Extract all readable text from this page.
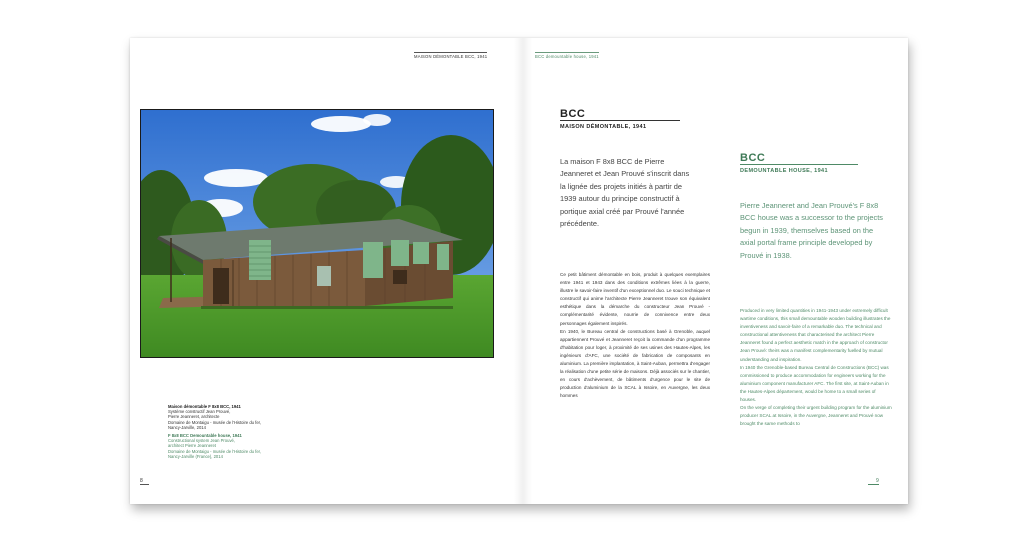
MAISON DÉMONTABLE BCC, 1941	BCC demountable house, 1941

Maison démontable F 8x8 BCC, 1941

Système constructif Jean Prouvé,

Pierre Jeanneret, architecte

Domaine de Montaigu - musée de l'Histoire du fer,

Nancy-Jarville, 2014

F 8x8 BCC Demountable house, 1941

Constructional system Jean Prouvé,

architect Pierre Jeanneret

Domaine de Montaigu - musée de l'Histoire du fer,

Nancy-Jarville (France), 2014

BCC
MAISON DÉMONTABLE, 1941
La maison F 8x8 BCC de Pierre Jeanneret et Jean Prouvé s'inscrit dans la lignée des projets initiés à partir de 1939 autour du principe constructif à portique axial créé par Prouvé l'année précédente.

Ce petit bâtiment démontable en bois, produit à quelques exemplaires entre 1941 et 1943 dans des conditions extrêmes liées à la guerre, illustre le savoir-faire inventif d'un exceptionnel duo. Le souci technique et constructif qui anime l'architecte Pierre Jeanneret trouve son équivalent esthétique dans la démarche du constructeur Jean Prouvé - complémentarité évidente, nourrie de connivence entre deux personnages également inspirés.

En 1940, le Bureau central de constructions basé à Grenoble, auquel appartiennent Prouvé et Jeanneret reçoit la commande d'un programme d'habitation pour loger, à proximité de ses usines des Hautes-Alpes, les ingénieurs d'AFC, une société de fabrication de composants en aluminium. La première implantation, à Saint-Auban, permettra d'engager la réalisation d'une petite série de maisons. Déjà associés sur le chantier, en cours d'achèvement, de bâtiments d'urgence pour le site de production d'aluminium de la SCAL à Issoire, en Auvergne, les deux hommes

BCC
DEMOUNTABLE HOUSE, 1941
Pierre Jeanneret and Jean Prouvé's F 8x8 BCC house was a successor to the projects begun in 1939, themselves based on the axial portal frame principle developed by Prouvé in 1938.

Produced in very limited quantities in 1941-1943 under extremely difficult wartime conditions, this small demountable wooden building illustrates the inventiveness and savoir-faire of a remarkable duo. The technical and constructional attentiveness that characterised the architect Pierre Jeanneret found a perfect aesthetic match in the approach of constructor Jean Prouvé: theirs was a manifest complementarity fuelled by mutual understanding and inspiration.

In 1940 the Grenoble-based Bureau Central de Constructions (BCC) was commissioned to produce accommodation for engineers working for the aluminium component manufacturer AFC. The first site, at Saint-Auban in the Hautes-Alpes département, would be home to a small series of houses.

On the verge of completing their urgent building program for the aluminium producer SCAL at Issoire, in the Auvergne, Jeanneret and Prouvé now brought the same methods to

8	9
